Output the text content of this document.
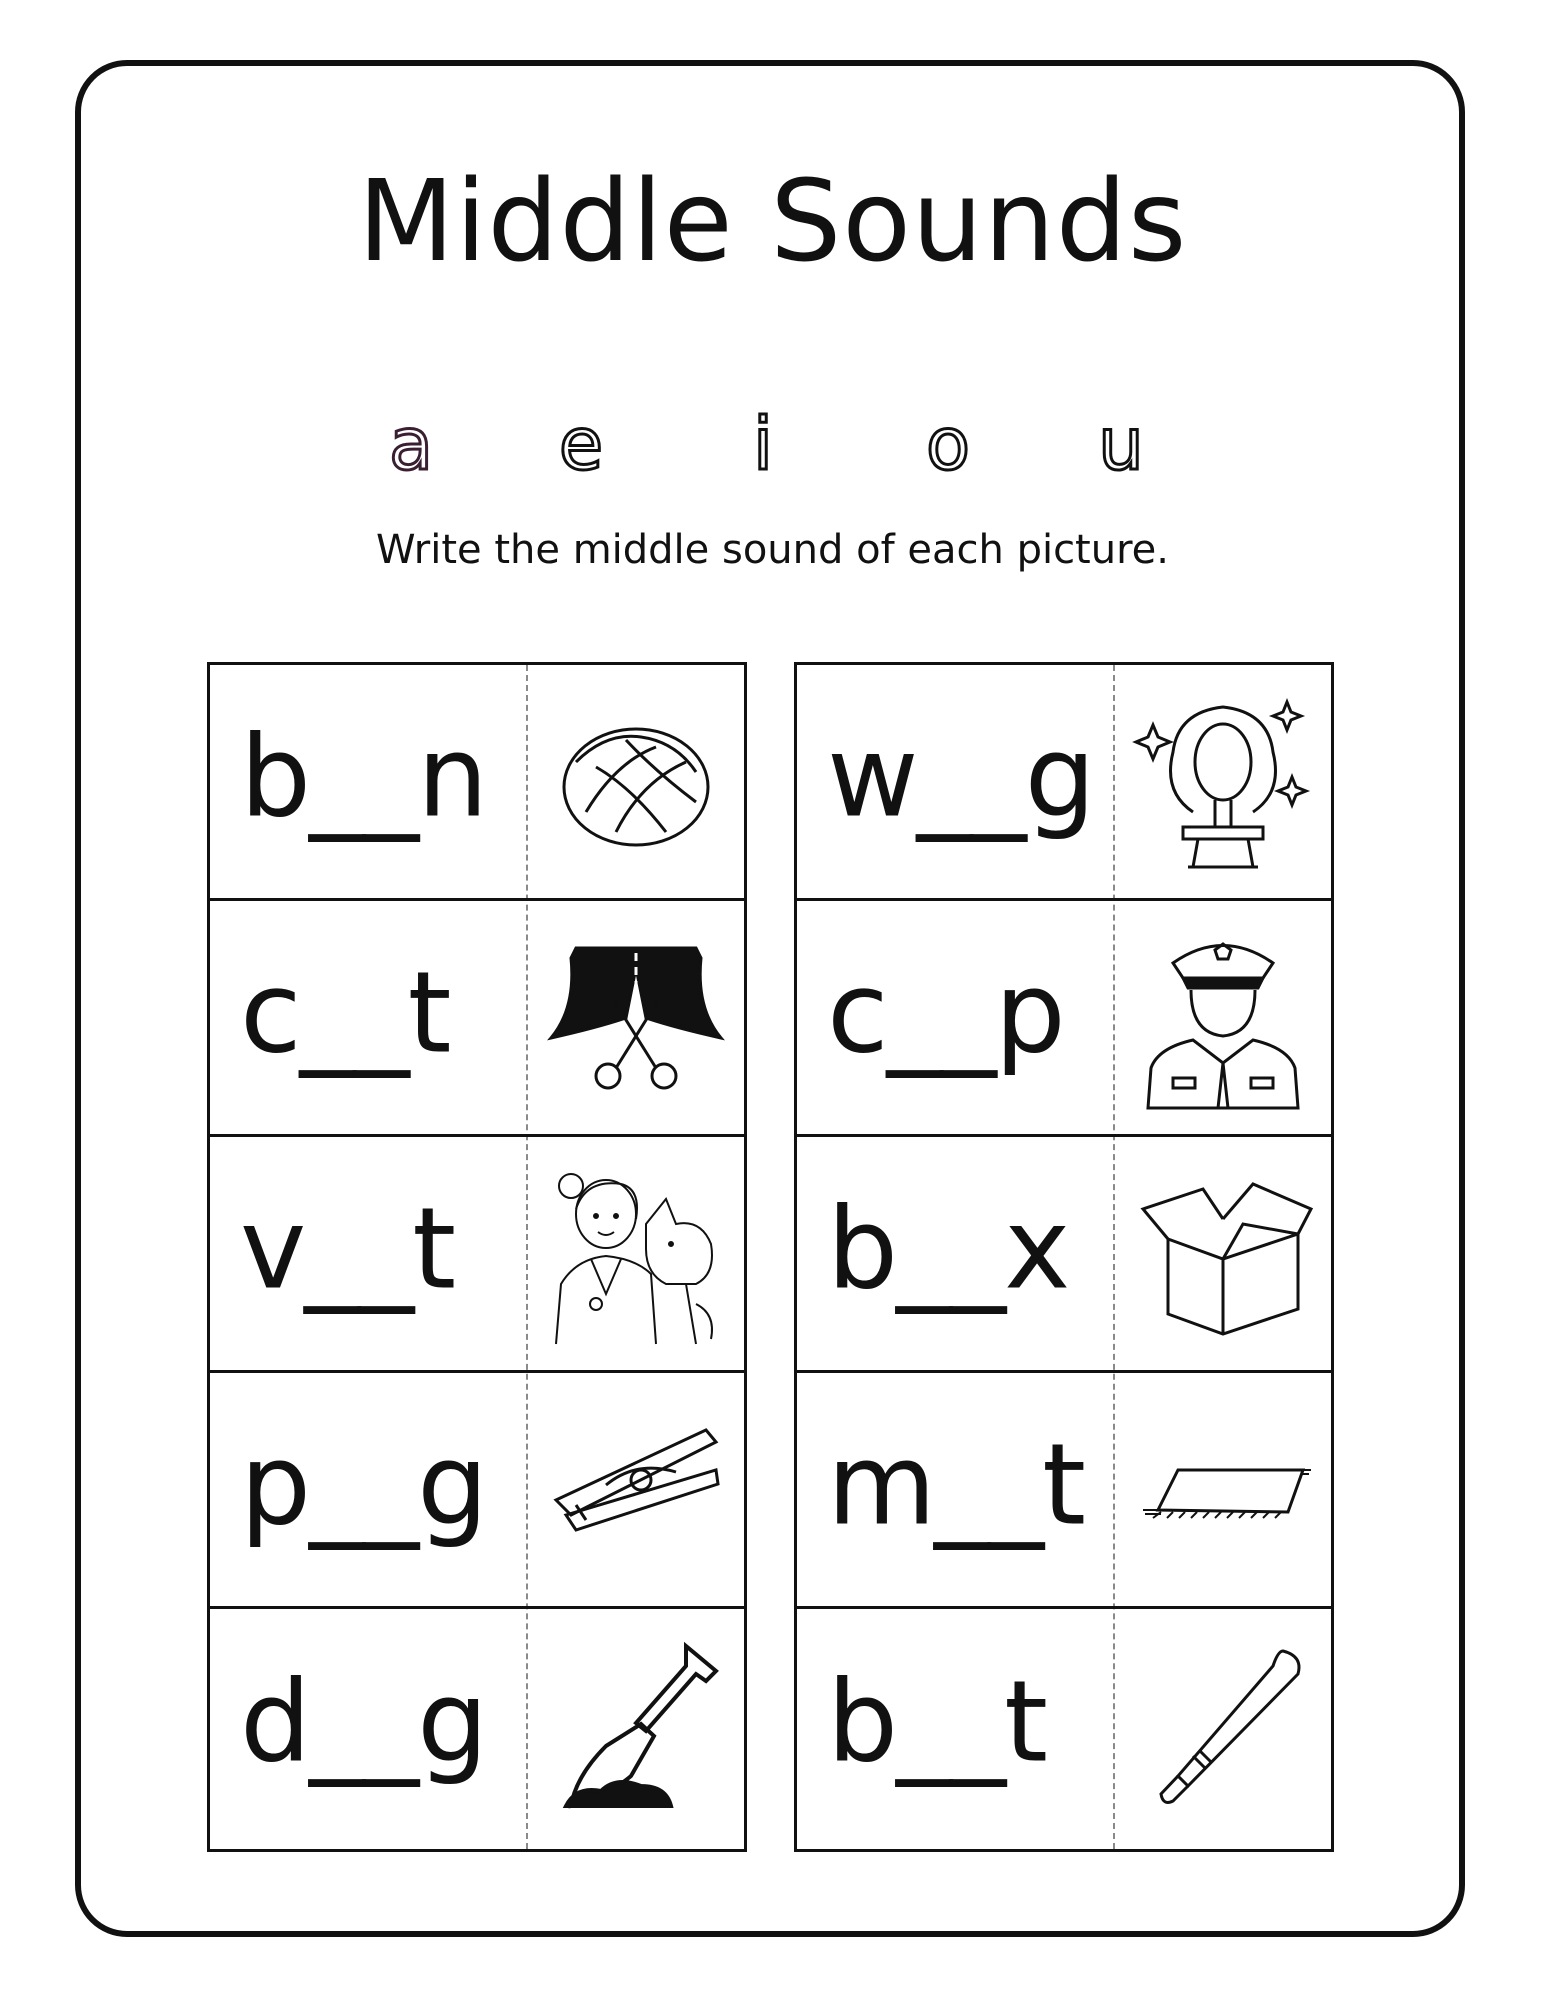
Middle Sounds
a e	i	o u

Write the middle sound of each picture.

b__n
c__t
v__t
p__g
d__g
w__g
c__p
b__x
m__t
b__t
